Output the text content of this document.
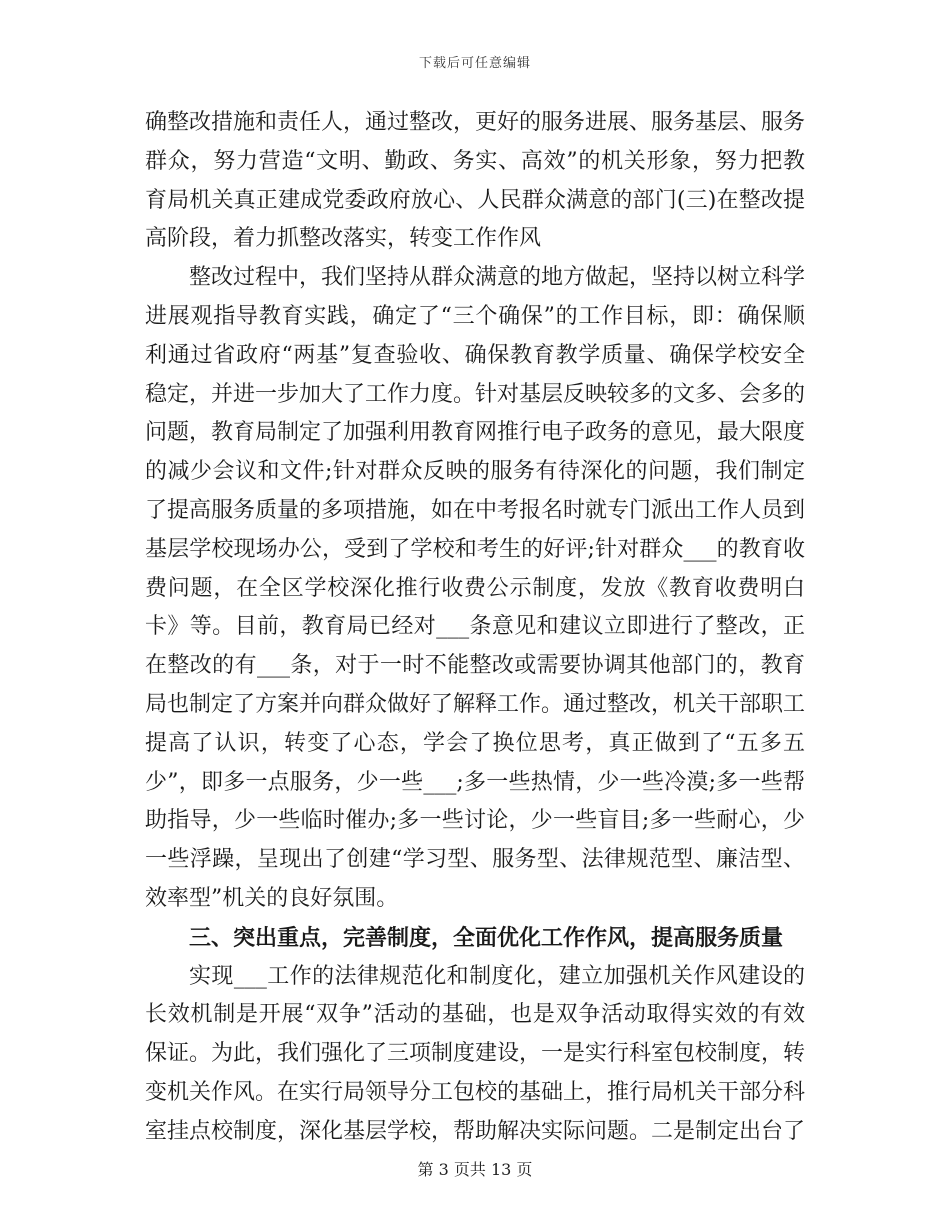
下载后可任意编辑

确整改措施和责任人，通过整改，更好的服务进展、服务基层、服务群众，努力营造“文明、勤政、务实、高效”的机关形象，努力把教育局机关真正建成党委政府放心、人民群众满意的部门(三)在整改提高阶段，着力抓整改落实，转变工作作风

整改过程中，我们坚持从群众满意的地方做起，坚持以树立科学进展观指导教育实践，确定了“三个确保”的工作目标，即：确保顺利通过省政府“两基”复查验收、确保教育教学质量、确保学校安全稳定，并进一步加大了工作力度。针对基层反映较多的文多、会多的问题，教育局制定了加强利用教育网推行电子政务的意见，最大限度的减少会议和文件;针对群众反映的服务有待深化的问题，我们制定了提高服务质量的多项措施，如在中考报名时就专门派出工作人员到基层学校现场办公，受到了学校和考生的好评;针对群众___的教育收费问题，在全区学校深化推行收费公示制度，发放《教育收费明白卡》等。目前，教育局已经对___条意见和建议立即进行了整改，正在整改的有___条，对于一时不能整改或需要协调其他部门的，教育局也制定了方案并向群众做好了解释工作。通过整改，机关干部职工提高了认识，转变了心态，学会了换位思考，真正做到了“五多五少”，即多一点服务，少一些___;多一些热情，少一些冷漠;多一些帮助指导，少一些临时催办;多一些讨论，少一些盲目;多一些耐心，少一些浮躁，呈现出了创建“学习型、服务型、法律规范型、廉洁型、效率型”机关的良好氛围。

三、突出重点，完善制度，全面优化工作作风，提高服务质量

实现___工作的法律规范化和制度化，建立加强机关作风建设的长效机制是开展“双争”活动的基础，也是双争活动取得实效的有效保证。为此，我们强化了三项制度建设，一是实行科室包校制度，转变机关作风。在实行局领导分工包校的基础上，推行局机关干部分科室挂点校制度，深化基层学校，帮助解决实际问题。二是制定出台了

第 3 页共 13 页
